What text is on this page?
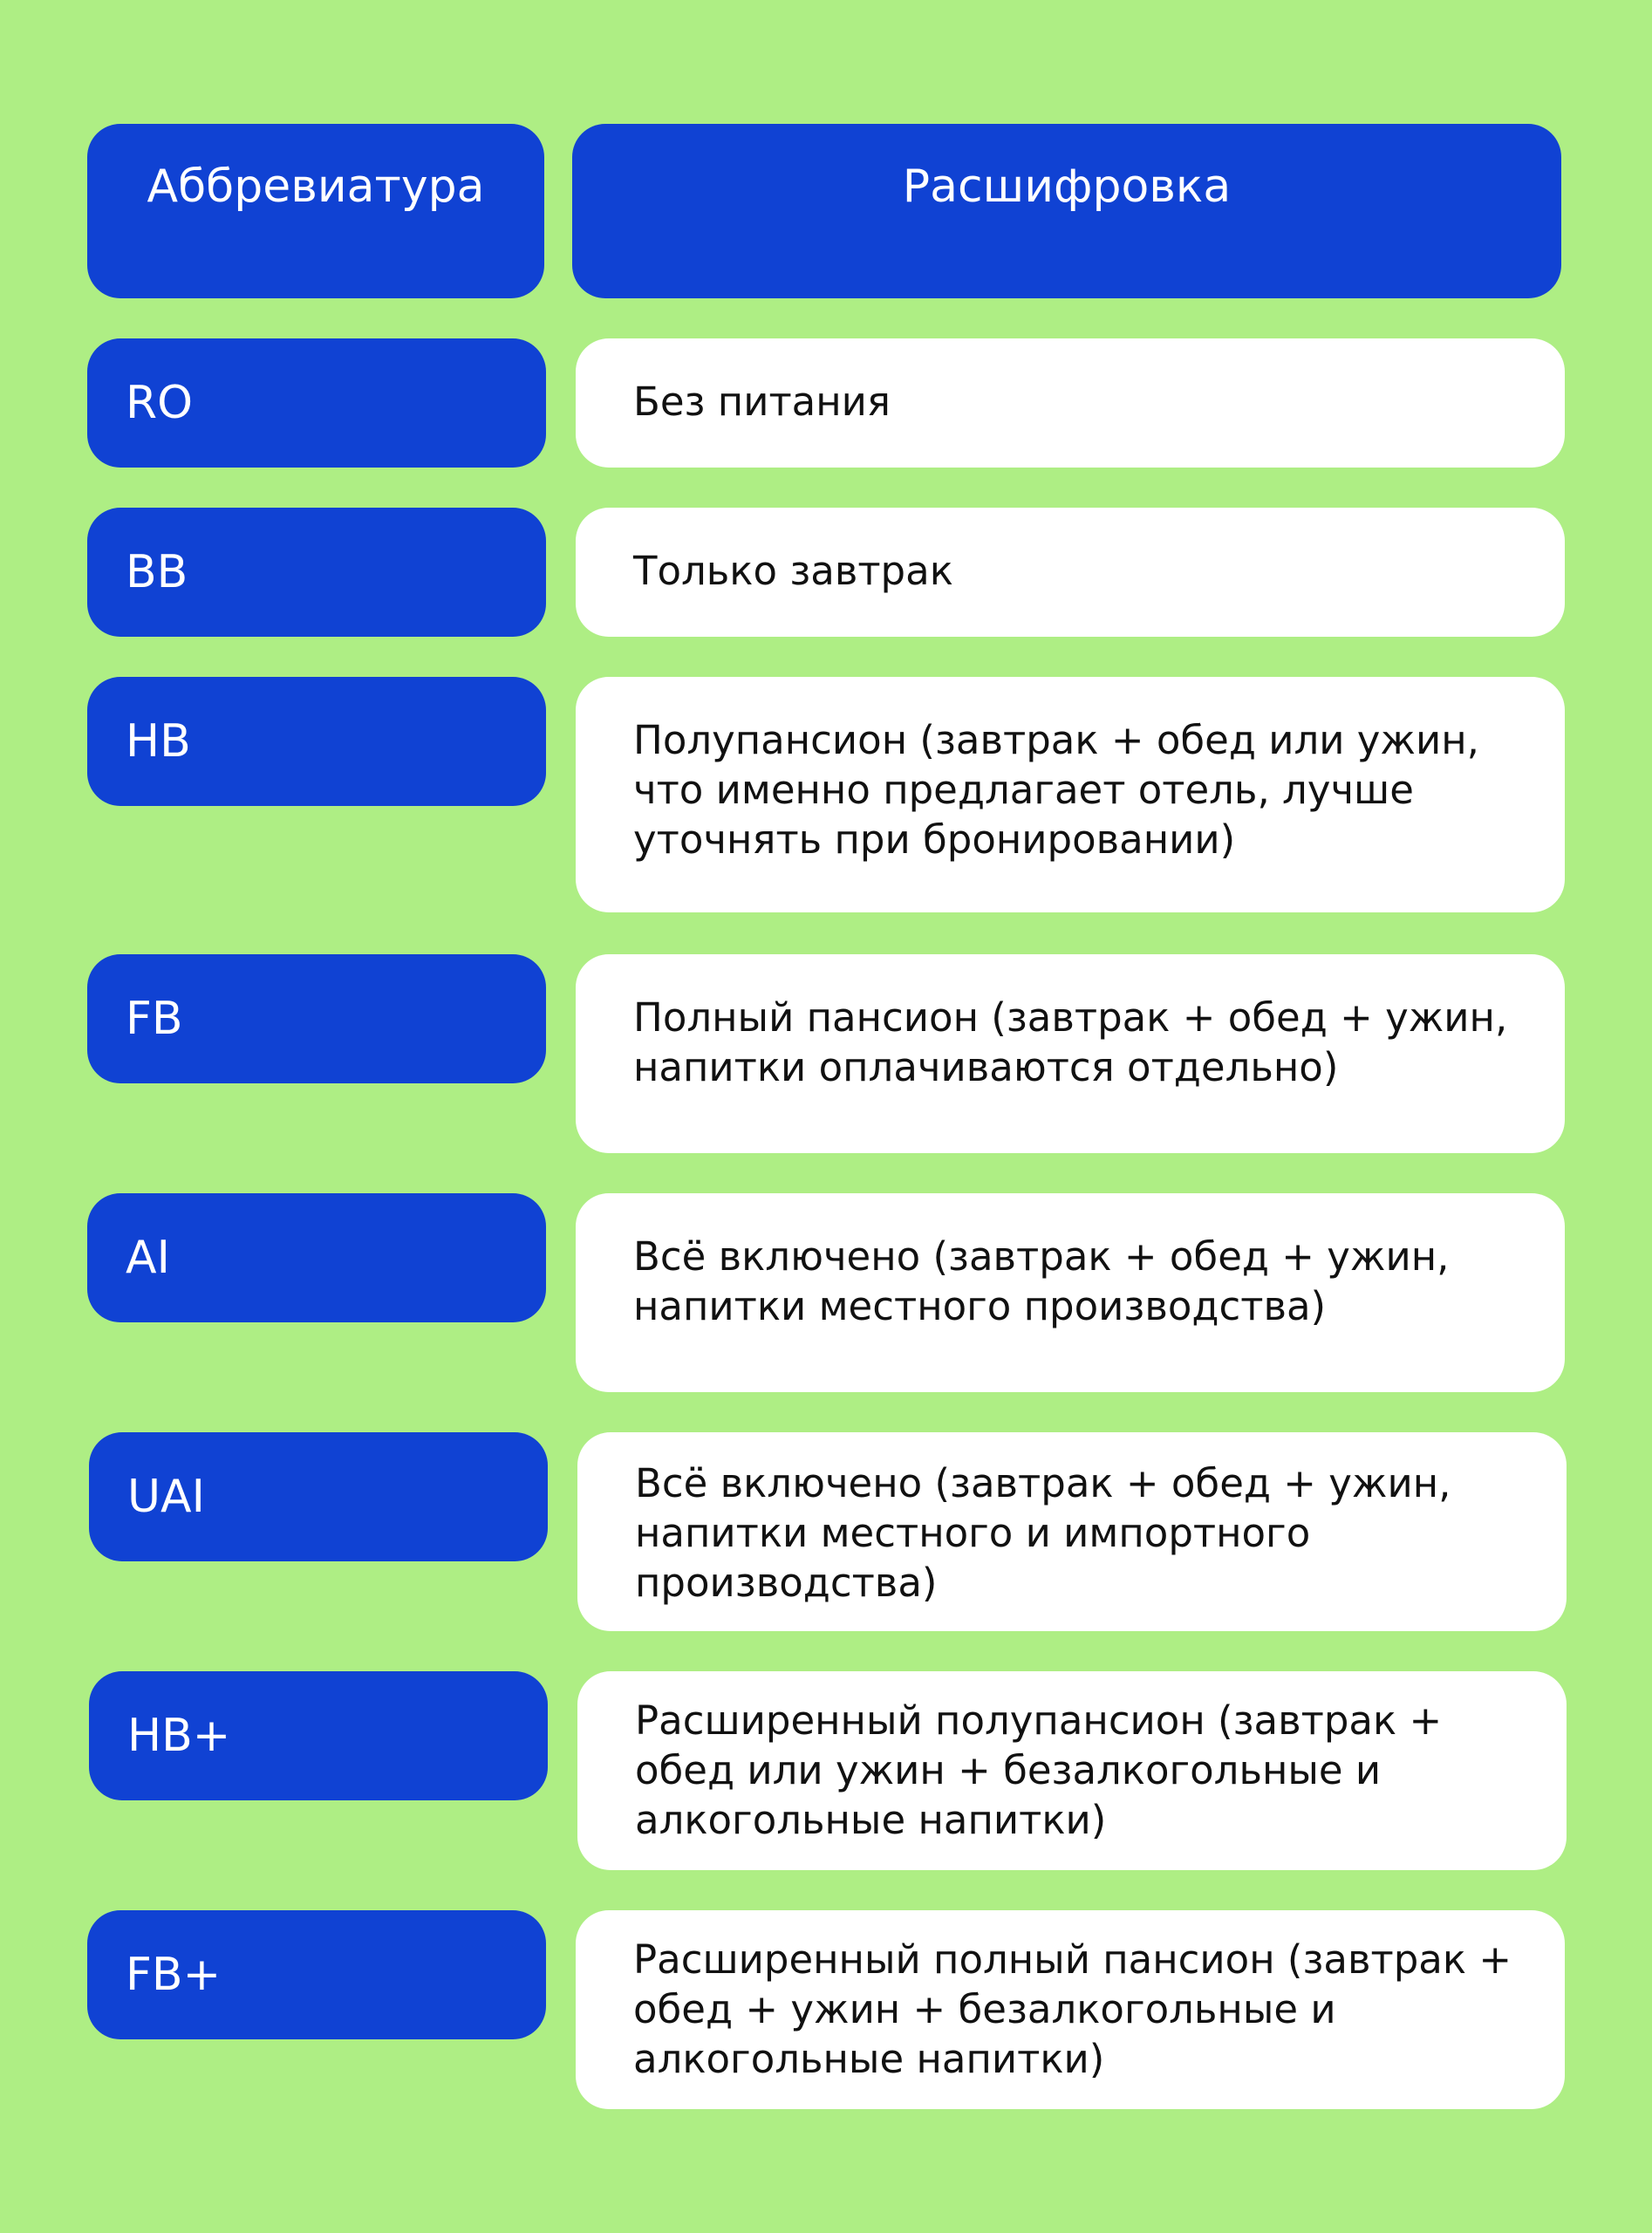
Аббревиатура	Расшифровка
RO	Без питания
BB	Только завтрак
HB	Полупансион (завтрак + обед или ужин, что именно предлагает отель, лучше уточнять при бронировании)
FB	Полный пансион (завтрак + обед + ужин, напитки оплачиваются отдельно)
AI	Всё включено (завтрак + обед + ужин, напитки местного производства)
UAI	Всё включено (завтрак + обед + ужин, напитки местного и импортного производства)
HB+	Расширенный полупансион (завтрак + обед или ужин + безалкогольные и алкогольные напитки)
FB+	Расширенный полный пансион (завтрак + обед + ужин + безалкогольные и алкогольные напитки)
